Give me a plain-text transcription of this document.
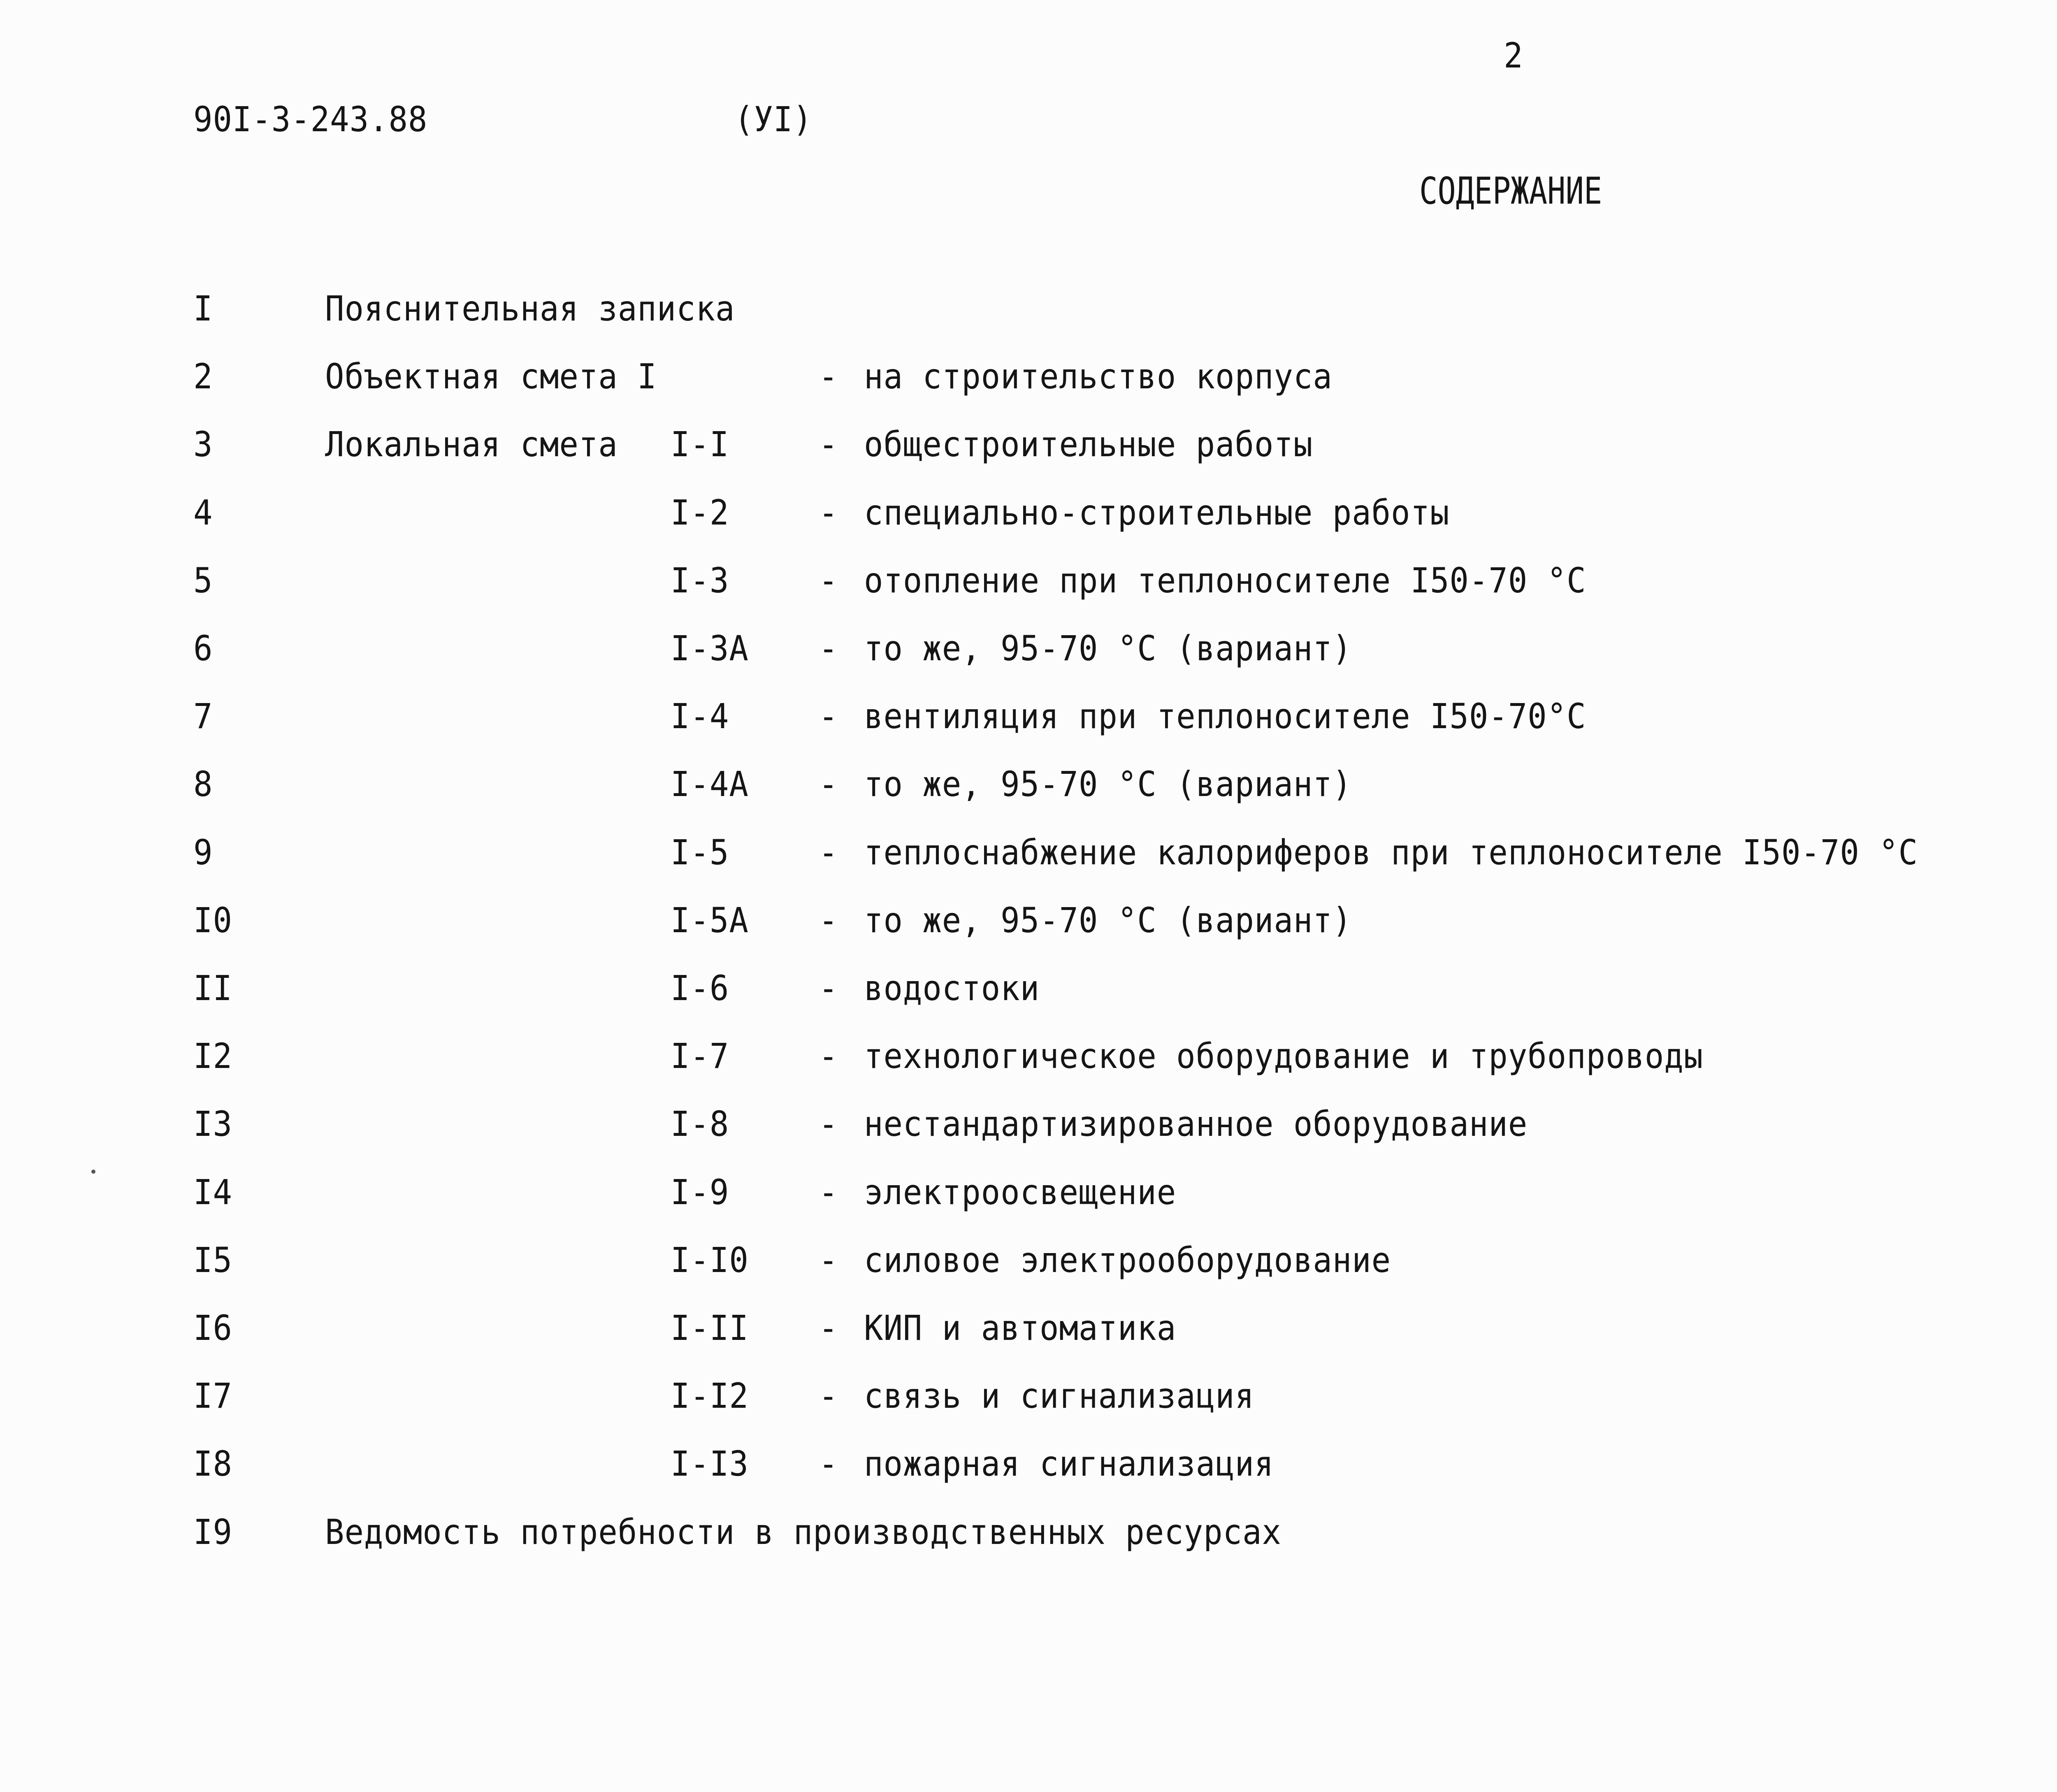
2
90I-3-243.88	(УI)
СОДЕРЖАНИЕ
I	Пояснительная записка
2	Объектная смета I	- на строительство корпуса
3	Локальная смета I-I	- общестроительные работы
4	I-2	- специально-строительные работы
5	I-3	- отопление при теплоносителе I50-70 °С
6	I-3А - то же, 95-70 °С (вариант)
7	I-4	- вентиляция при теплоносителе I50-70°С
8	I-4А - то же, 95-70 °С (вариант)
9	I-5	- теплоснабжение калориферов при теплоносителе I50-70 °С
I0	I-5А - то же, 95-70 °С (вариант)
II	I-6	- водостоки
I2	I-7	- технологическое оборудование и трубопроводы
I3	I-8	- нестандартизированное оборудование
I4	I-9	- электроосвещение
I5	I-I0 - силовое электрооборудование
I6	I-II - КИП и автоматика
I7	I-I2 - связь и сигнализация
I8	I-I3 - пожарная сигнализация
I9	Ведомость потребности в производственных ресурсах
